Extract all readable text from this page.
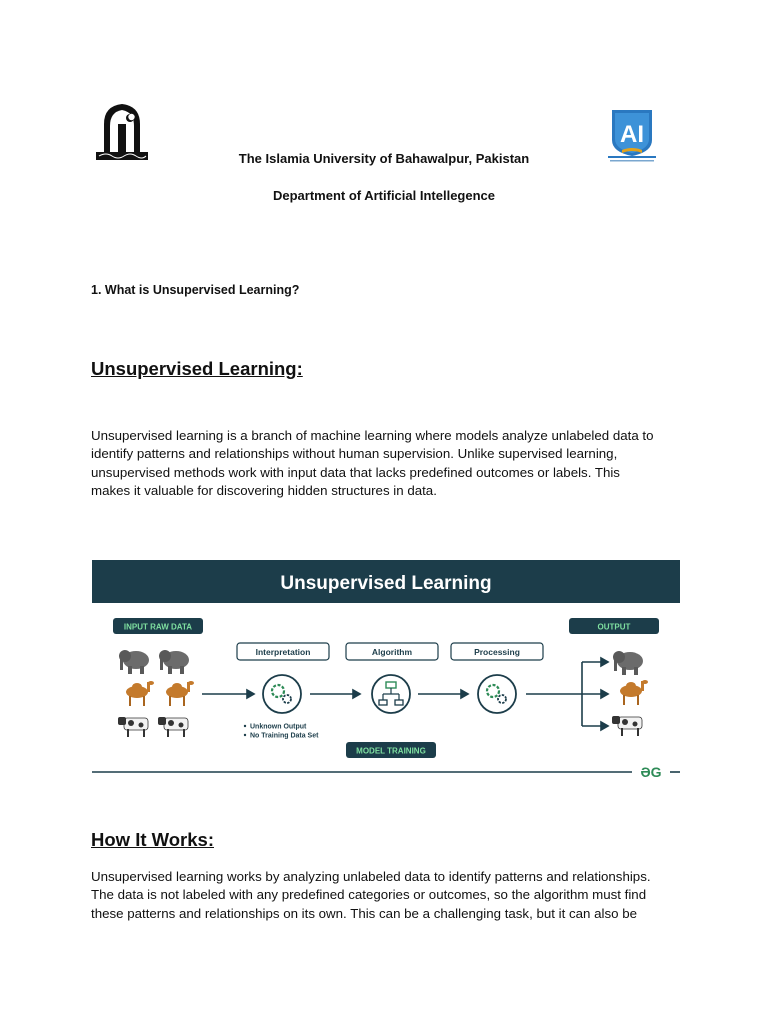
AI
The Islamia University of Bahawalpur, Pakistan
Department of Artificial Intellegence
1. What is Unsupervised Learning?
Unsupervised Learning:
Unsupervised learning is a branch of machine learning where models analyze unlabeled data to
identify patterns and relationships without human supervision. Unlike supervised learning,
unsupervised methods work with input data that lacks predefined outcomes or labels. This
makes it valuable for discovering hidden structures in data.
Unsupervised Learning
INPUT RAW DATA	OUTPUT
Interpretation	Algorithm	Processing
Unknown Output
No Training Data Set
MODEL TRAINING
ƏG
How It Works:
Unsupervised learning works by analyzing unlabeled data to identify patterns and relationships.
The data is not labeled with any predefined categories or outcomes, so the algorithm must find
these patterns and relationships on its own. This can be a challenging task, but it can also be
